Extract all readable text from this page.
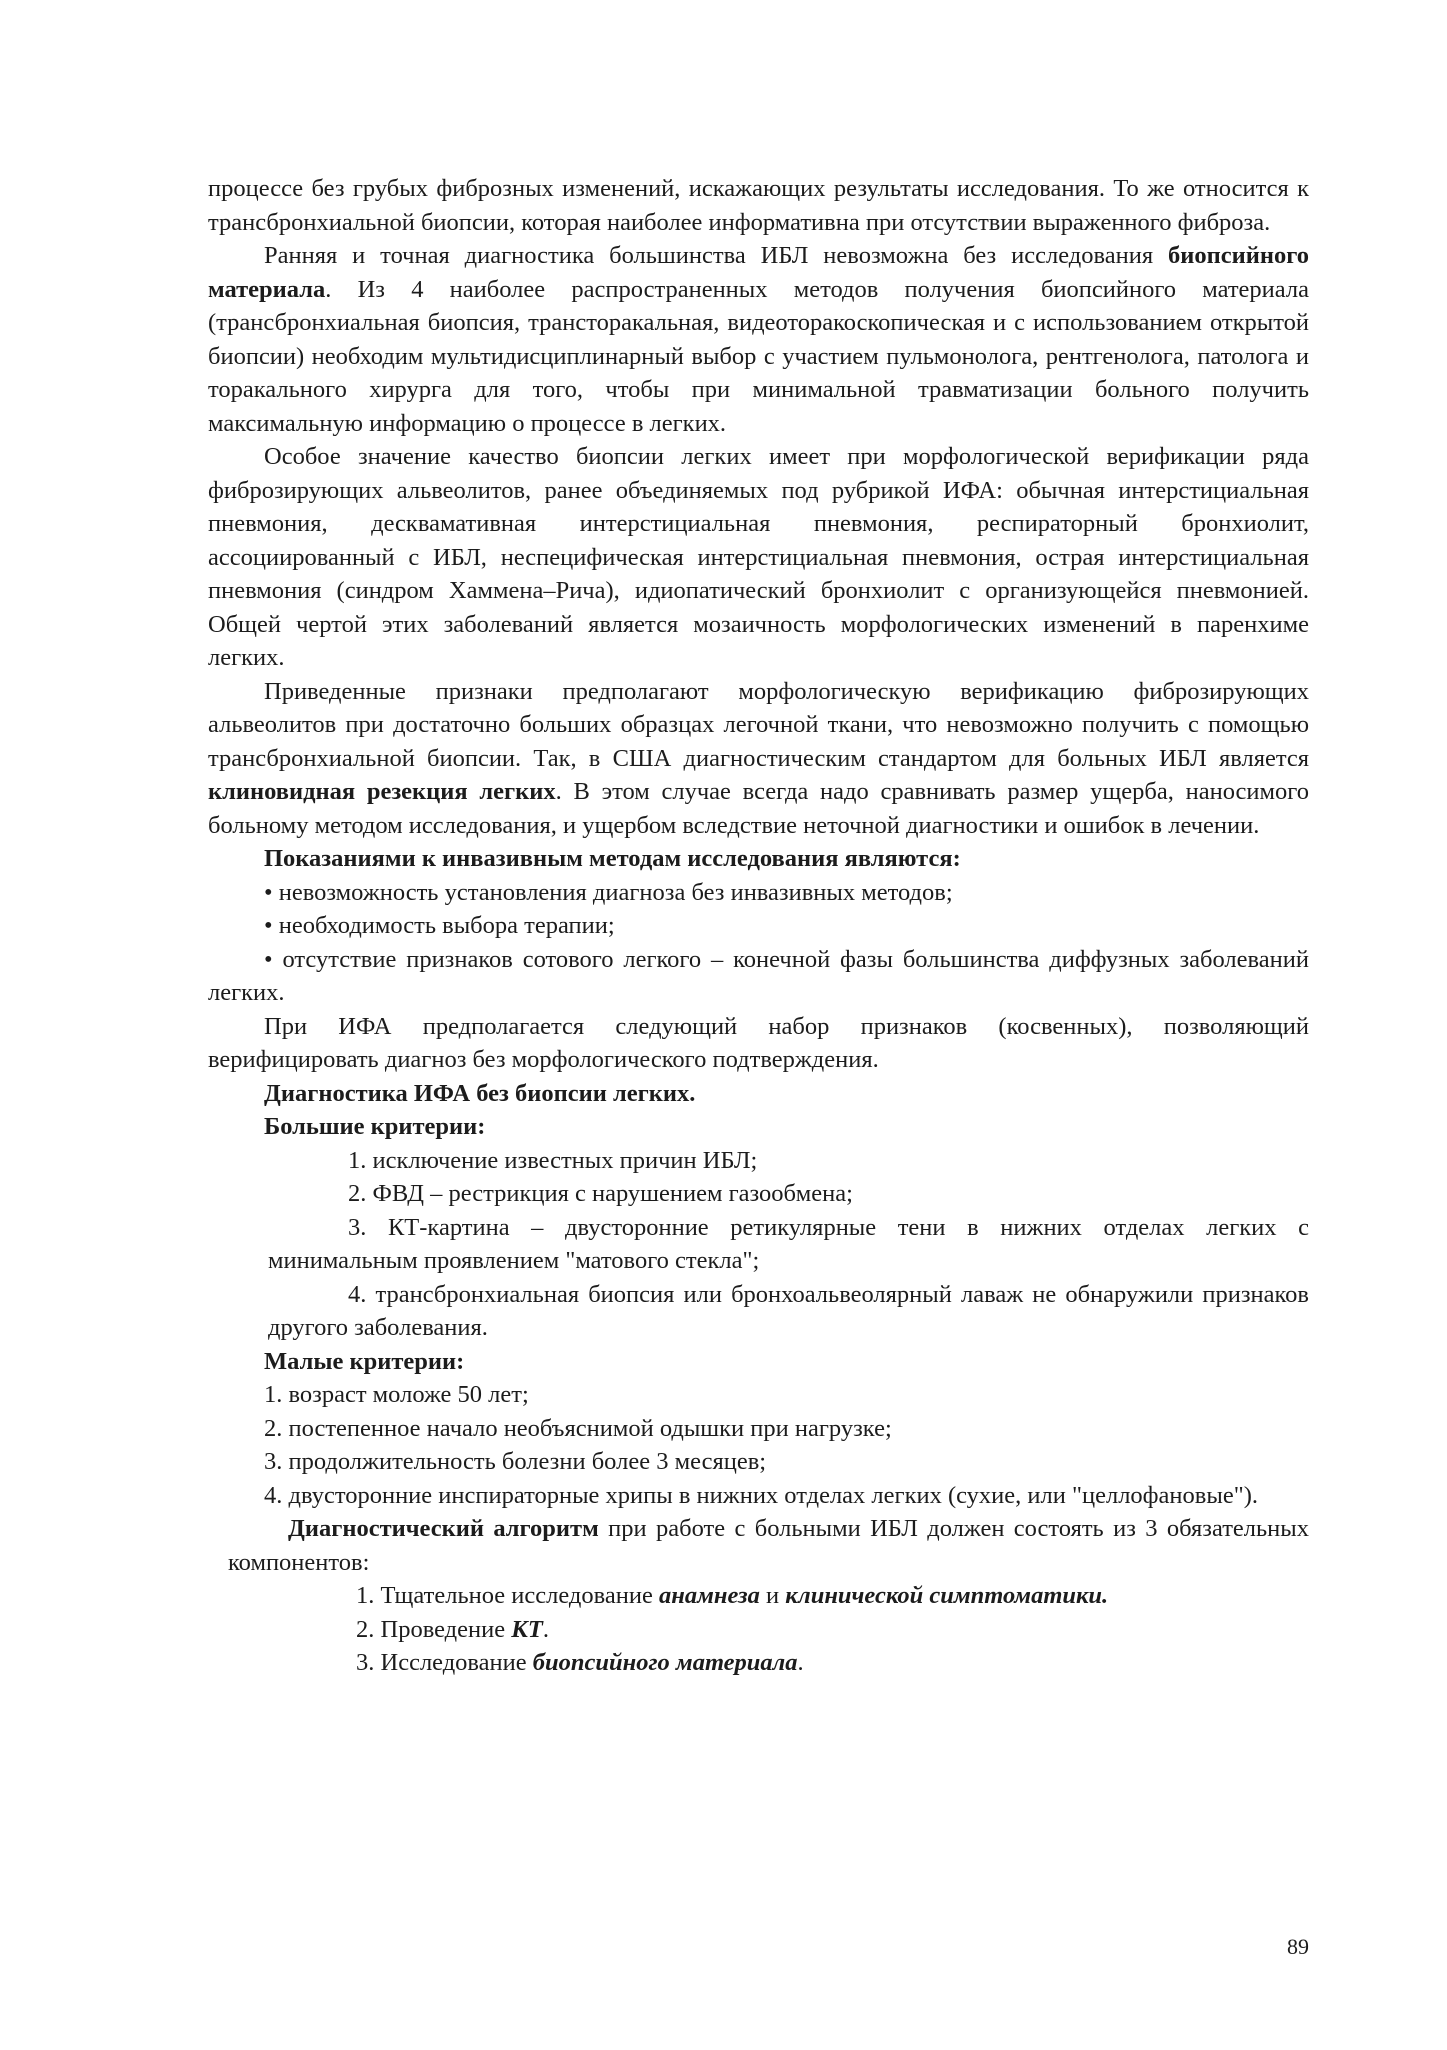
процессе без грубых фиброзных изменений, искажающих результаты исследования. То же относится к трансбронхиальной биопсии, которая наиболее информативна при отсутствии выраженного фиброза.

Ранняя и точная диагностика большинства ИБЛ невозможна без исследования биопсийного материала. Из 4 наиболее распространенных методов получения биопсийного материала (трансбронхиальная биопсия, трансторакальная, видеоторакоскопическая и с использованием открытой биопсии) необходим мультидисциплинарный выбор с участием пульмонолога, рентгенолога, патолога и торакального хирурга для того, чтобы при минимальной травматизации больного получить максимальную информацию о процессе в легких.

Особое значение качество биопсии легких имеет при морфологической верификации ряда фиброзирующих альвеолитов, ранее объединяемых под рубрикой ИФА: обычная интерстициальная пневмония, десквамативная интерстициальная пневмония, респираторный бронхиолит, ассоциированный с ИБЛ, неспецифическая интерстициальная пневмония, острая интерстициальная пневмония (синдром Хаммена–Рича), идиопатический бронхиолит с организующейся пневмонией. Общей чертой этих заболеваний является мозаичность морфологических изменений в паренхиме легких.

Приведенные признаки предполагают морфологическую верификацию фиброзирующих альвеолитов при достаточно больших образцах легочной ткани, что невозможно получить с помощью трансбронхиальной биопсии. Так, в США диагностическим стандартом для больных ИБЛ является клиновидная резекция легких. В этом случае всегда надо сравнивать размер ущерба, наносимого больному методом исследования, и ущербом вследствие неточной диагностики и ошибок в лечении.

Показаниями к инвазивным методам исследования являются:

• невозможность установления диагноза без инвазивных методов;

• необходимость выбора терапии;

• отсутствие признаков сотового легкого – конечной фазы большинства диффузных заболеваний легких.

При ИФА предполагается следующий набор признаков (косвенных), позволяющий верифицировать диагноз без морфологического подтверждения.

Диагностика ИФА без биопсии легких.

Большие критерии:

1. исключение известных причин ИБЛ;

2. ФВД – рестрикция с нарушением газообмена;

3. КТ-картина – двусторонние ретикулярные тени в нижних отделах легких с минимальным проявлением "матового стекла";

4. трансбронхиальная биопсия или бронхоальвеолярный лаваж не обнаружили признаков другого заболевания.

Малые критерии:

1. возраст моложе 50 лет;

2. постепенное начало необъяснимой одышки при нагрузке;

3. продолжительность болезни более 3 месяцев;

4. двусторонние инспираторные хрипы в нижних отделах легких (сухие, или "целлофановые").

Диагностический алгоритм при работе с больными ИБЛ должен состоять из 3 обязательных компонентов:

1. Тщательное исследование анамнеза и клинической симптоматики.

2. Проведение КТ.

3. Исследование биопсийного материала.

89
